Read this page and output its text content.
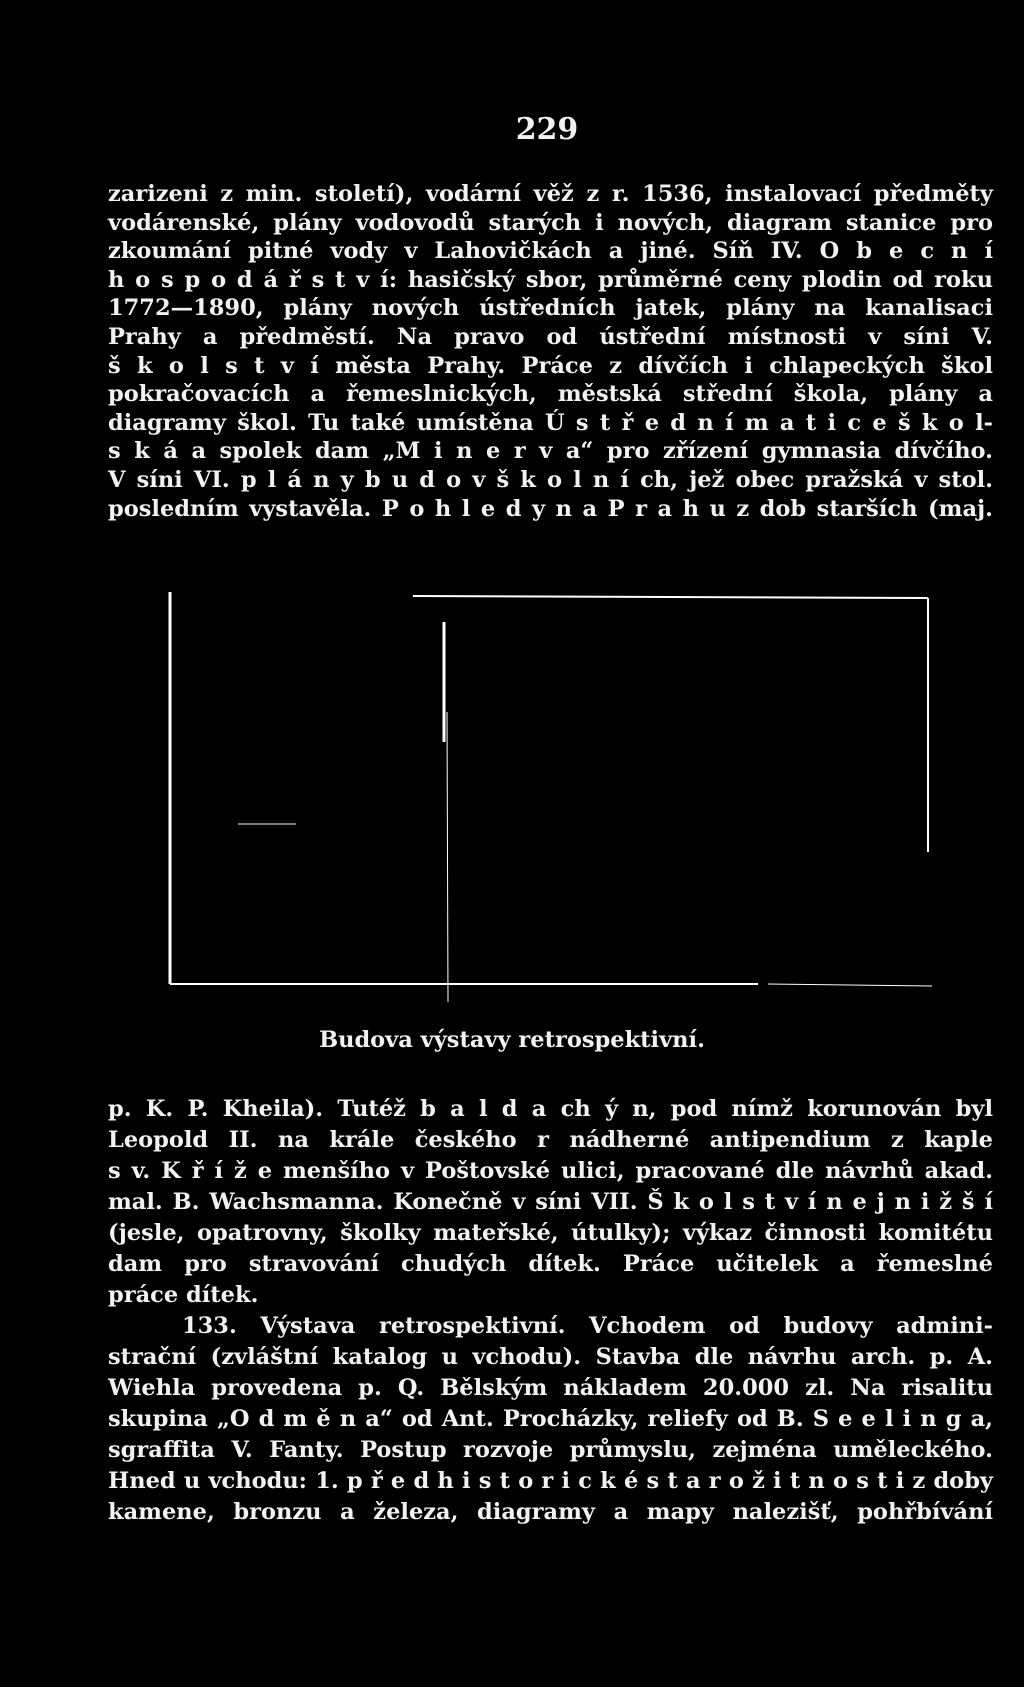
229
zarizeni z min. století), vodární věž z r. 1536, instalovací předměty
vodárenské, plány vodovodů starých i nových, diagram stanice pro
zkoumání pitné vody v Lahovičkách a jiné. Síň IV. O b e c n í
h o s p o d á ř s t v í: hasičský sbor, průměrné ceny plodin od roku
1772—1890, plány nových ústředních jatek, plány na kanalisaci
Prahy a předměstí. Na pravo od ústřední místnosti v síni V.
š k o l s t v í města Prahy. Práce z dívčích i chlapeckých škol
pokračovacích a řemeslnických, městská střední škola, plány a
diagramy škol. Tu také umístěna Ú s t ř e d n í m a t i c e š k o l-
s k á a spolek dam „M i n e r v a“ pro zřízení gymnasia dívčího.
V síni VI. p l á n y b u d o v š k o l n í ch, jež obec pražská v stol.
posledním vystavěla. P o h l e d y n a P r a h u z dob starších (maj.
Budova výstavy retrospektivní.
p. K. P. Kheila). Tutéž b a l d a ch ý n, pod nímž korunován byl
Leopold II. na krále českého r nádherné antipendium z kaple
s v. K ř í ž e menšího v Poštovské ulici, pracované dle návrhů akad.
mal. B. Wachsmanna. Konečně v síni VII. Š k o l s t v í n e j n i ž š í
(jesle, opatrovny, školky mateřské, útulky); výkaz činnosti komitétu
dam pro stravování chudých dítek. Práce učitelek a řemeslné
práce dítek.
133. Výstava retrospektivní. Vchodem od budovy admini-
strační (zvláštní katalog u vchodu). Stavba dle návrhu arch. p. A.
Wiehla provedena p. Q. Bělským nákladem 20.000 zl. Na risalitu
skupina „O d m ě n a“ od Ant. Procházky, reliefy od B. S e e l i n g a,
sgraffita V. Fanty. Postup rozvoje průmyslu, zejména uměleckého.
Hned u vchodu: 1. p ř e d h i s t o r i c k é s t a r o ž i t n o s t i z doby
kamene, bronzu a železa, diagramy a mapy nalezišť, pohřbívání
